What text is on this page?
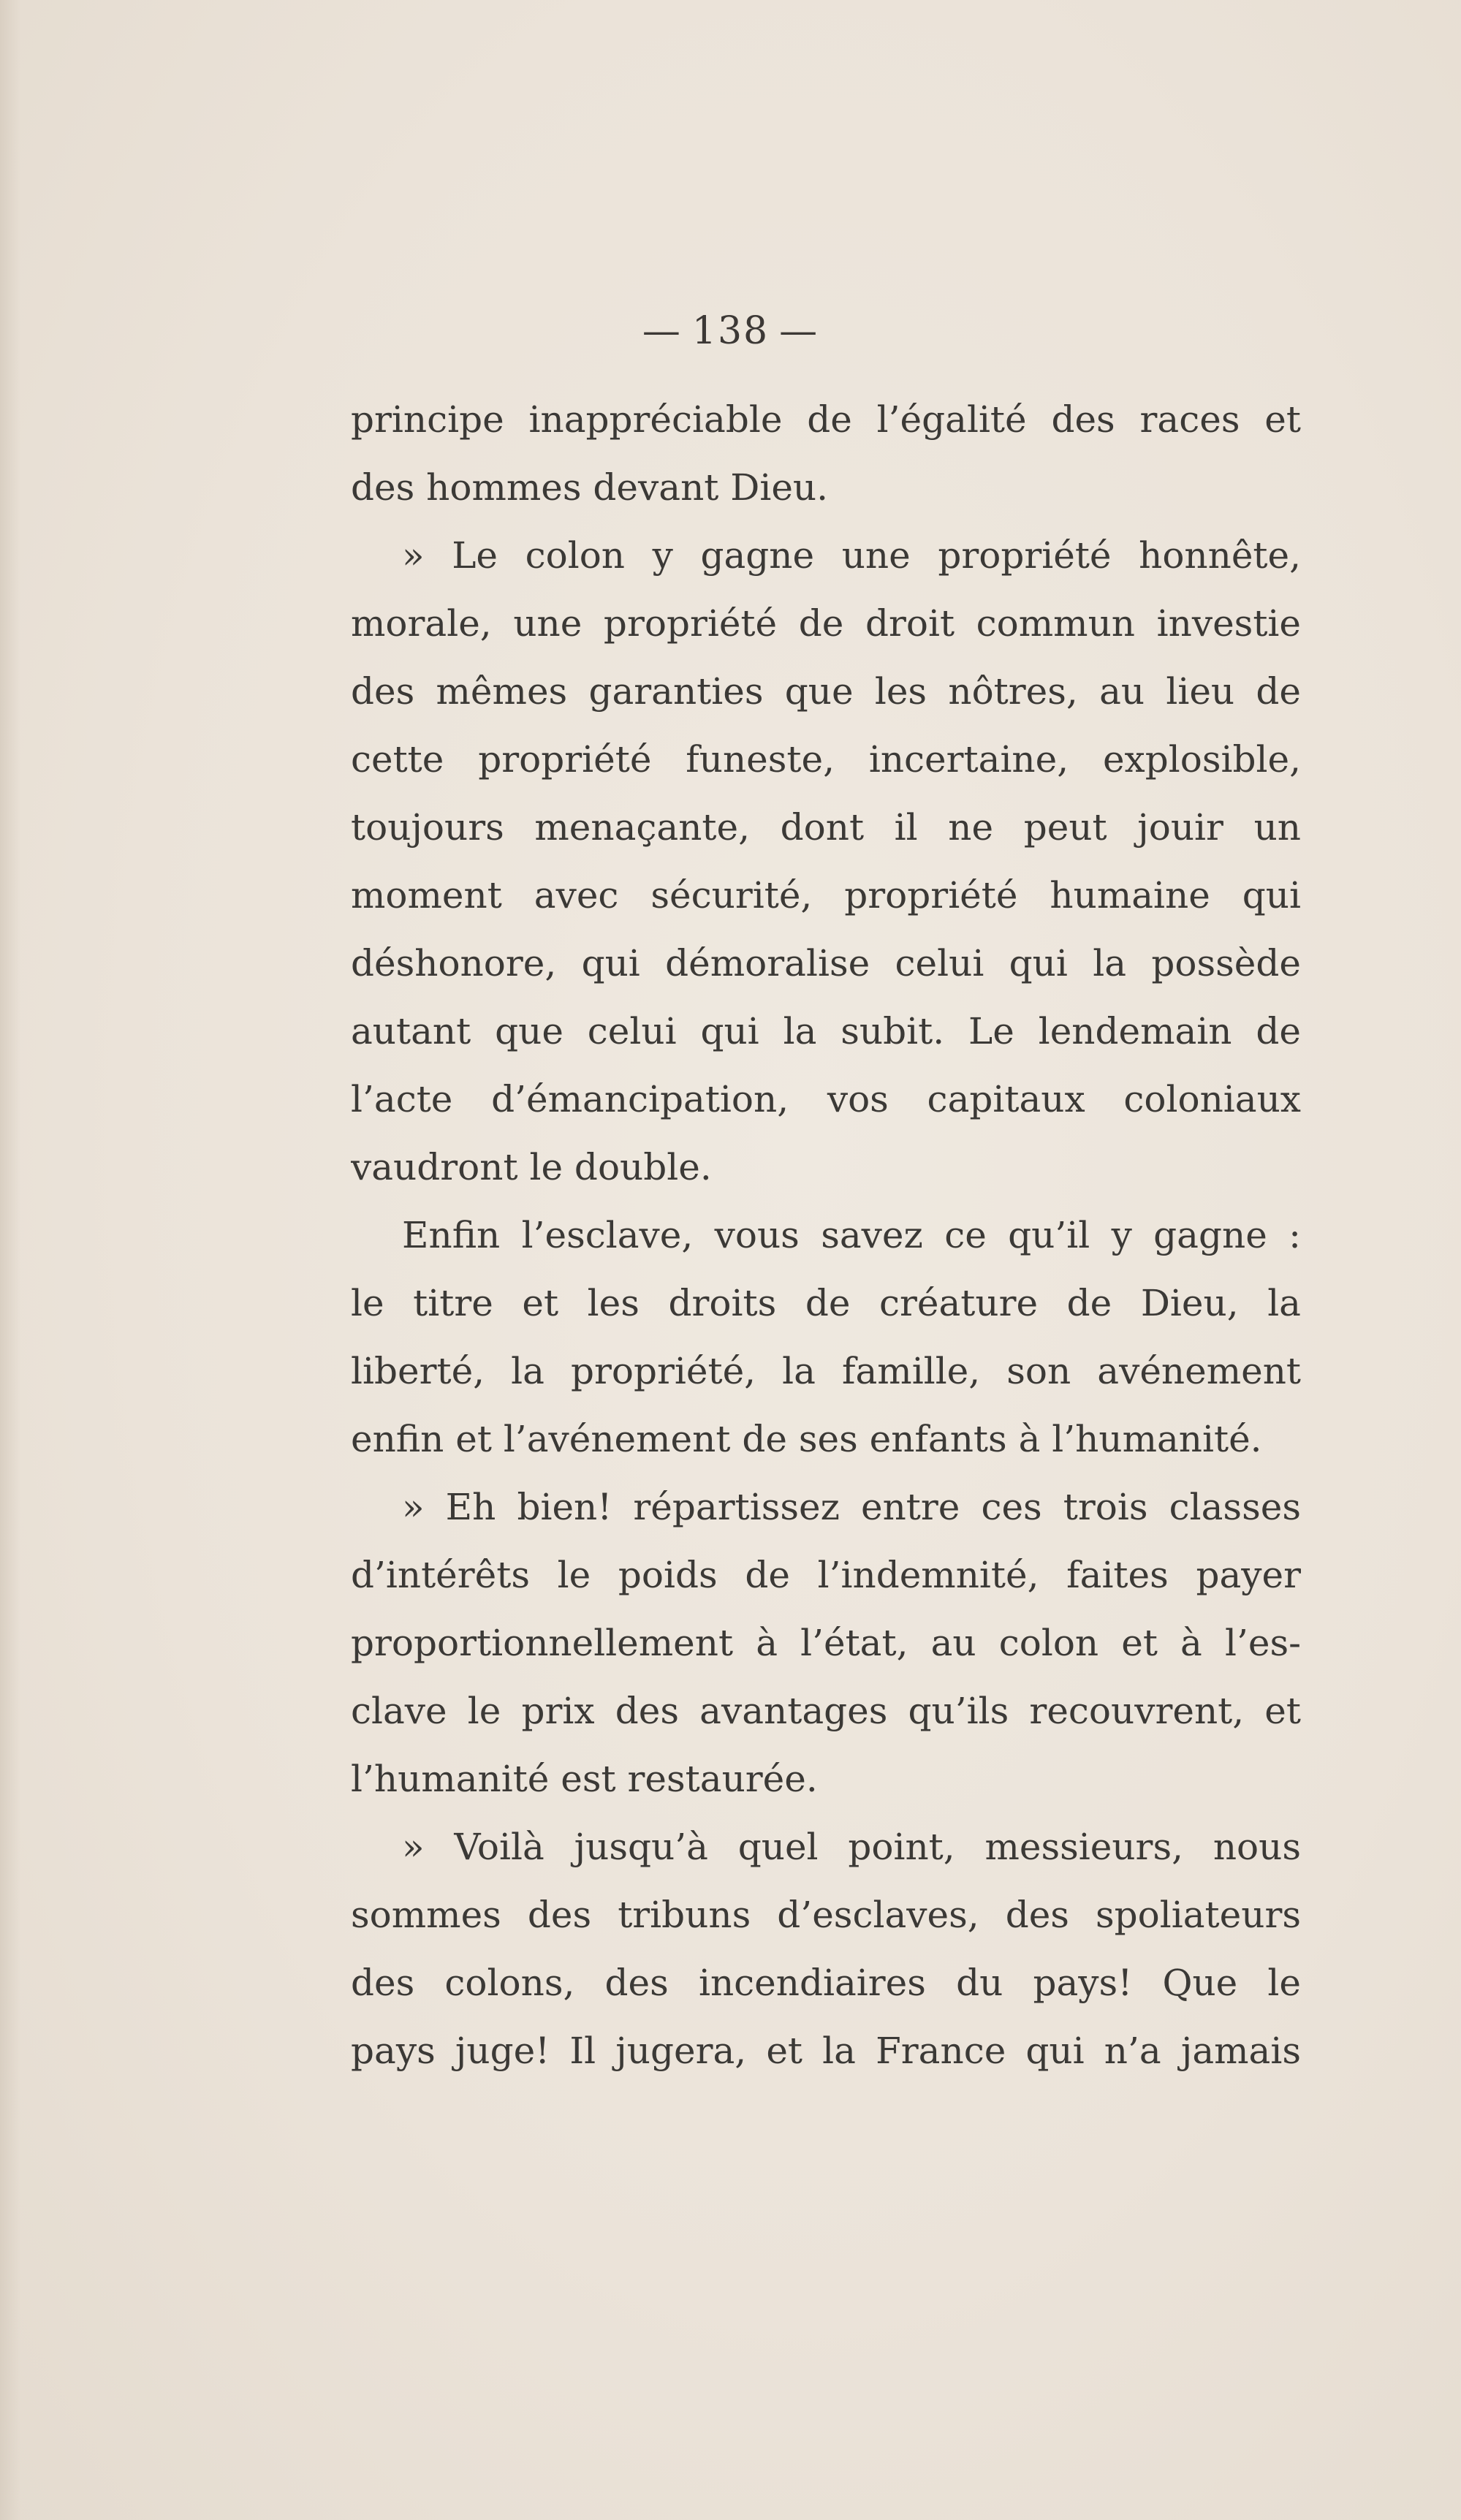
— 138 —
principe inappréciable de l’égalité des races et
des hommes devant Dieu.
» Le colon y gagne une propriété honnête,
morale, une propriété de droit commun investie
des mêmes garanties que les nôtres, au lieu de
cette propriété funeste, incertaine, explosible,
toujours menaçante, dont il ne peut jouir un
moment avec sécurité, propriété humaine qui
déshonore, qui démoralise celui qui la possède
autant que celui qui la subit. Le lendemain de
l’acte d’émancipation, vos capitaux coloniaux
vaudront le double.
Enfin l’esclave, vous savez ce qu’il y gagne :
le titre et les droits de créature de Dieu, la
liberté, la propriété, la famille, son avénement
enfin et l’avénement de ses enfants à l’humanité.
» Eh bien! répartissez entre ces trois classes
d’intérêts le poids de l’indemnité, faites payer
proportionnellement à l’état, au colon et à l’es-
clave le prix des avantages qu’ils recouvrent, et
l’humanité est restaurée.
» Voilà jusqu’à quel point, messieurs, nous
sommes des tribuns d’esclaves, des spoliateurs
des colons, des incendiaires du pays! Que le
pays juge! Il jugera, et la France qui n’a jamais
